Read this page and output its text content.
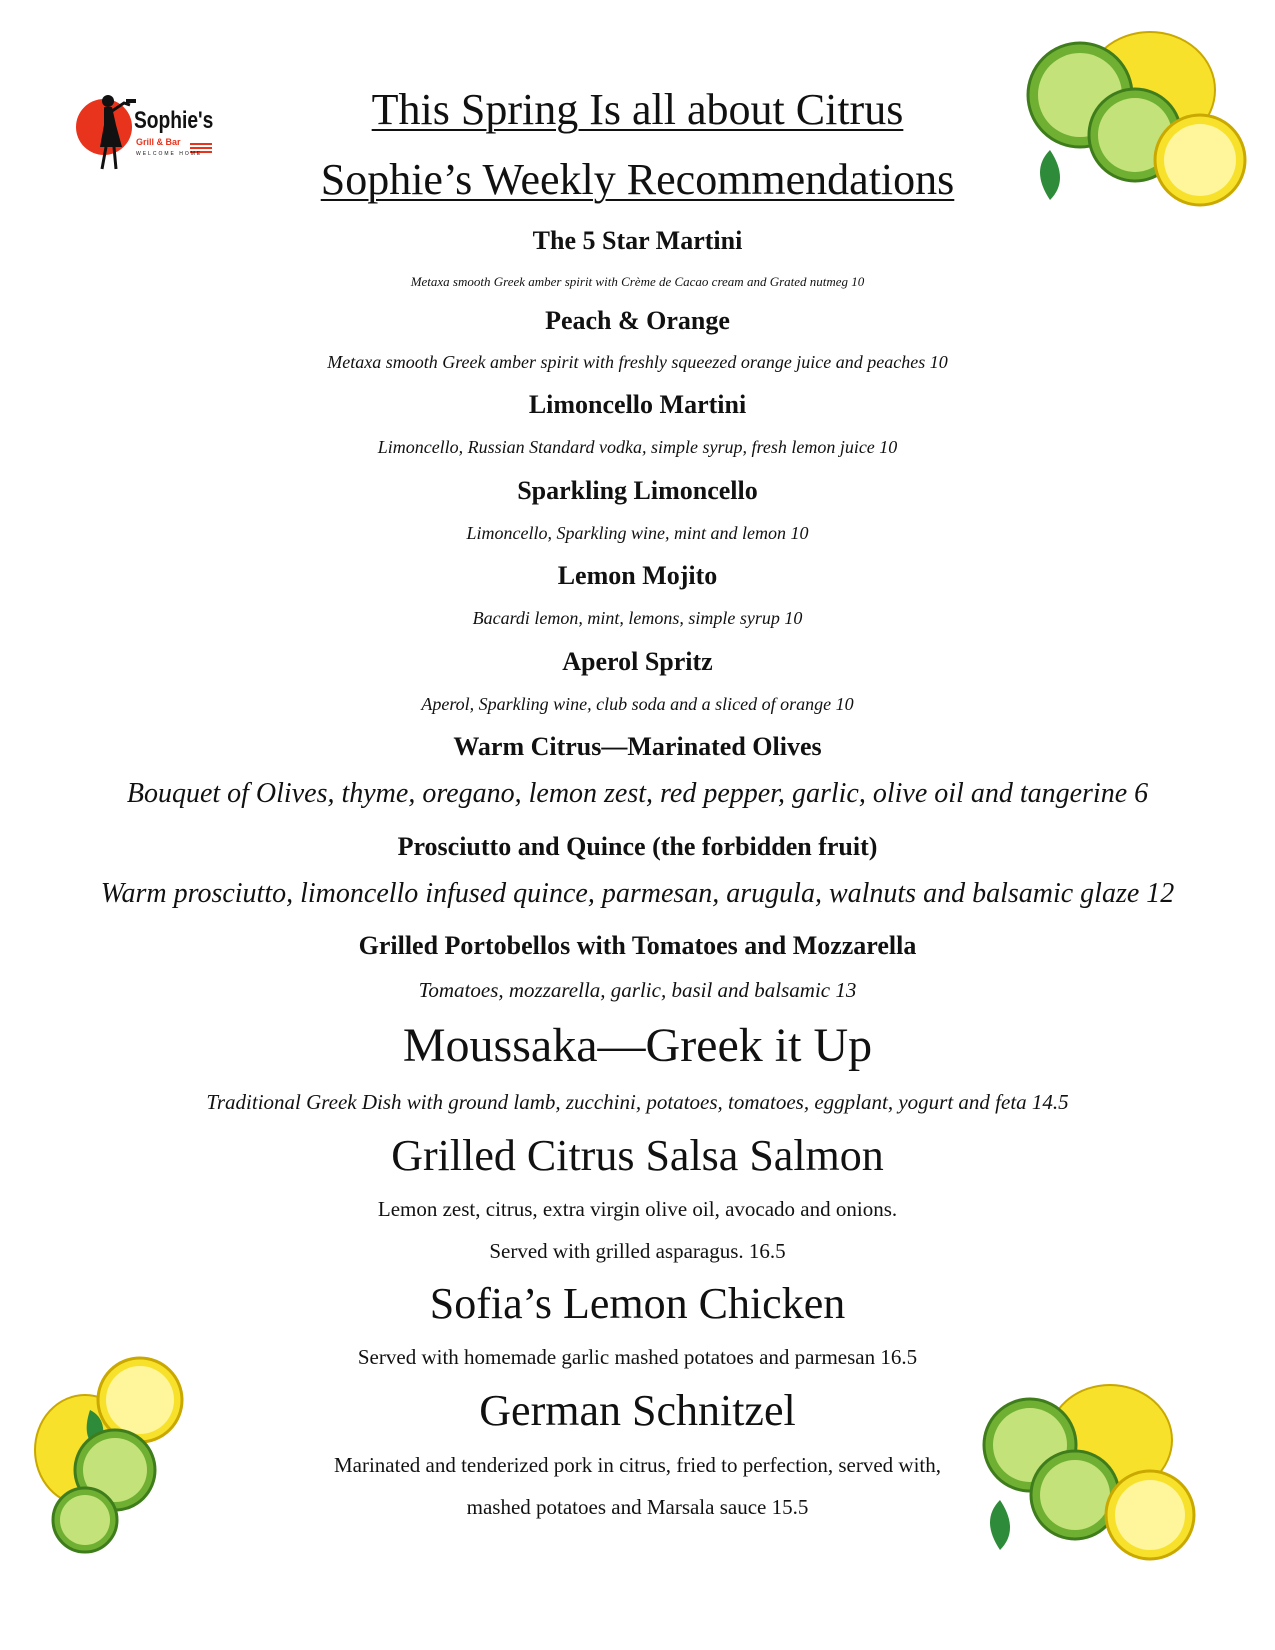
Sophie's
Grill & Bar
WELCOME HOME
This Spring Is all about Citrus
Sophie’s Weekly Recommendations
The 5 Star Martini
Metaxa smooth Greek amber spirit with Crème de Cacao cream and Grated nutmeg 10
Peach & Orange
Metaxa smooth Greek amber spirit with freshly squeezed orange juice and peaches 10
Limoncello Martini
Limoncello, Russian Standard vodka, simple syrup, fresh lemon juice 10
Sparkling Limoncello
Limoncello, Sparkling wine, mint and lemon 10
Lemon Mojito
Bacardi lemon, mint, lemons, simple syrup 10
Aperol Spritz
Aperol, Sparkling wine, club soda and a sliced of orange 10
Warm Citrus—Marinated Olives
Bouquet of Olives, thyme, oregano, lemon zest, red pepper, garlic, olive oil and tangerine 6
Prosciutto and Quince (the forbidden fruit)
Warm prosciutto, limoncello infused quince, parmesan, arugula, walnuts and balsamic glaze 12
Grilled Portobellos with Tomatoes and Mozzarella
Tomatoes, mozzarella, garlic, basil and balsamic 13
Moussaka—Greek it Up
Traditional Greek Dish with ground lamb, zucchini, potatoes, tomatoes, eggplant, yogurt and feta 14.5
Grilled Citrus Salsa Salmon
Lemon zest, citrus, extra virgin olive oil, avocado and onions.
Served with grilled asparagus. 16.5
Sofia’s Lemon Chicken
Served with homemade garlic mashed potatoes and parmesan 16.5
German Schnitzel
Marinated and tenderized pork in citrus, fried to perfection, served with,
mashed potatoes and Marsala sauce 15.5
